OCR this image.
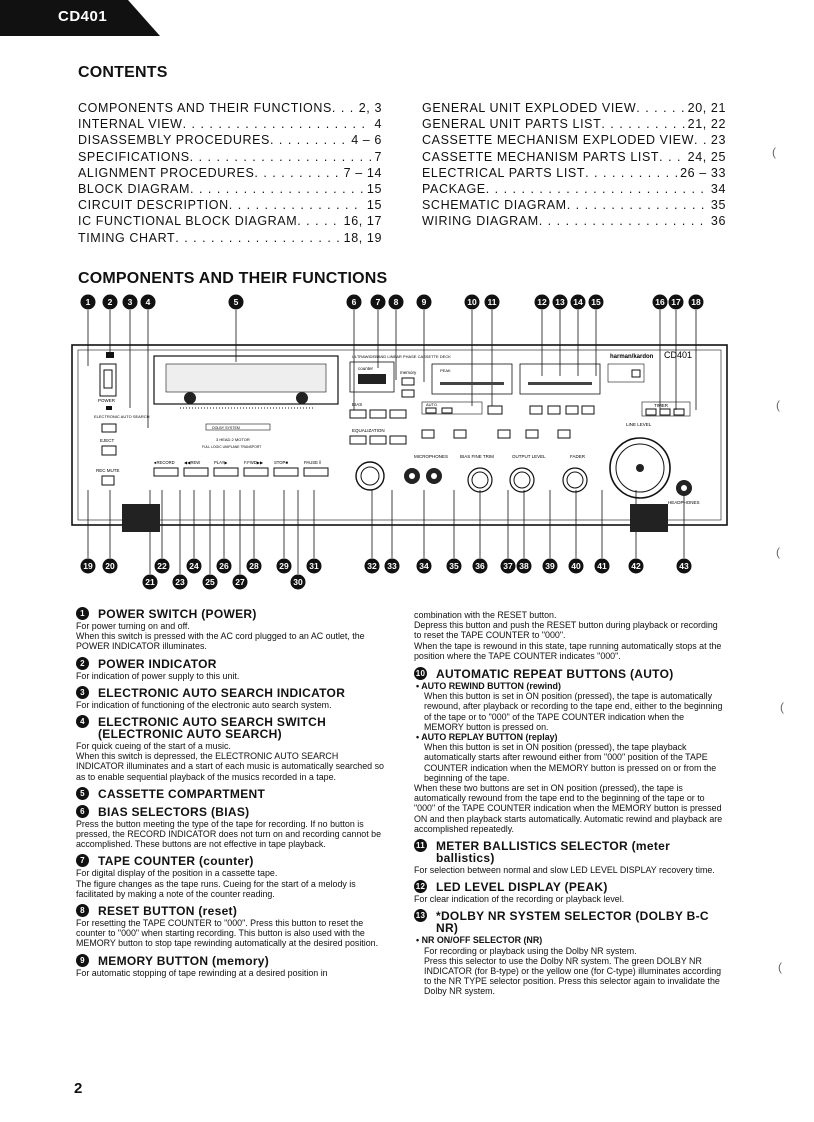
CD401
CONTENTS
COMPONENTS AND THEIR FUNCTIONS . . . 2, 3
INTERNAL VIEW . . .	4
DISASSEMBLY PROCEDURES . . .	4 – 6
SPECIFICATIONS . . .	7
ALIGNMENT PROCEDURES . . .	7 – 14
BLOCK DIAGRAM . . .	15
CIRCUIT DESCRIPTION . . .	15
IC FUNCTIONAL BLOCK DIAGRAM . . .	16, 17
TIMING CHART . . .	18, 19
GENERAL UNIT EXPLODED VIEW . . .	20, 21
GENERAL UNIT PARTS LIST . . .	21, 22
CASSETTE MECHANISM EXPLODED VIEW . . . 23
CASSETTE MECHANISM PARTS LIST . . . 24, 25
ELECTRICAL PARTS LIST . . .	26 – 33
PACKAGE . . .	34
SCHEMATIC DIAGRAM . . .	35
WIRING DIAGRAM . . .	36
COMPONENTS AND THEIR FUNCTIONS
1 2 3 4	5	6 7 8	9	10 11	12 13 14 15	16 17 18
19 20	22	24 26 28 29 31	32 33	34 35 36 37 38 39 40 41	42	43
21 23 25 27	30
POWER
ELECTRONIC AUTO SEARCH
EJECT
REC MUTE
DOLBY SYSTEM
3 HEAD 2 MOTOR
FULL LOGIC UNIPLANE TRANSPORT
●RECORD ◀◀REW	PLAY▶	F.FWD▶▶	STOP■	PAUSE ‖
ULTRAWIDEBAND LINEAR PHASE CASSETTE DECK	harman/kardon CD401
counter
memory	PEAK
BIAS
EQUALIZATION
AUTO	TIMER
MICROPHONES	BIAS FINE TRIM	OUTPUT LEVEL	FADER
LINE LEVEL
HEADPHONES
1	POWER SWITCH (POWER)

For power turning on and off.
When this switch is pressed with the AC cord plugged to an AC outlet, the POWER INDICATOR illuminates.

2	POWER INDICATOR

For indication of power supply to this unit.

3	ELECTRONIC AUTO SEARCH INDICATOR

For indication of functioning of the electronic auto search system.

4	ELECTRONIC AUTO SEARCH SWITCH (ELECTRONIC AUTO SEARCH)

For quick cueing of the start of a music.
When this switch is depressed, the ELECTRONIC AUTO SEARCH INDICATOR illuminates and a start of each music is automatically searched so as to enable sequential playback of the musics recorded in a tape.

5	CASSETTE COMPARTMENT
6	BIAS SELECTORS (BIAS)

Press the button meeting the type of the tape for recording. If no button is pressed, the RECORD INDICATOR does not turn on and recording cannot be accomplished. These buttons are not effective in tape playback.

7	TAPE COUNTER (counter)

For digital display of the position in a cassette tape.
The figure changes as the tape runs. Cueing for the start of a melody is facilitated by making a note of the counter reading.

8	RESET BUTTON (reset)

For resetting the TAPE COUNTER to "000". Press this button to reset the counter to "000" when starting recording. This button is also used with the MEMORY button to stop tape rewinding automatically at the desired position.

9	MEMORY BUTTON (memory)

For automatic stopping of tape rewinding at a desired position in

combination with the RESET button.
Depress this button and push the RESET button during playback or recording to reset the TAPE COUNTER to "000".
When the tape is rewound in this state, tape running automatically stops at the position where the TAPE COUNTER indicates "000".

10 AUTOMATIC REPEAT BUTTONS (AUTO)
• AUTO REWIND BUTTON (rewind)
When this button is set in ON position (pressed), the tape is automatically rewound, after playback or recording to the tape end, either to the beginning of the tape or to "000" of the TAPE COUNTER indication when the MEMORY button is pressed on.
• AUTO REPLAY BUTTON (replay)
When this button is set in ON position (pressed), the tape playback automatically starts after rewound either from "000" position of the TAPE COUNTER indication when the MEMORY button is pressed on or from the beginning of the tape.

When these two buttons are set in ON position (pressed), the tape is automatically rewound from the tape end to the beginning of the tape or to "000" of the TAPE COUNTER indication when the MEMORY button is pressed ON and then playback starts automatically. Automatic rewind and playback are accomplished repeatedly.

11 METER BALLISTICS SELECTOR (meter ballistics)

For selection between normal and slow LED LEVEL DISPLAY recovery time.

12 LED LEVEL DISPLAY (PEAK)

For clear indication of the recording or playback level.

13 *DOLBY NR SYSTEM SELECTOR (DOLBY B-C NR)
• NR ON/OFF SELECTOR (NR)
For recording or playback using the Dolby NR system.
Press this selector to use the Dolby NR system. The green DOLBY NR INDICATOR (for B-type) or the yellow one (for C-type) illuminates according to the NR TYPE selector position. Press this selector again to invalidate the Dolby NR system.
2
(
(
(
(
(
